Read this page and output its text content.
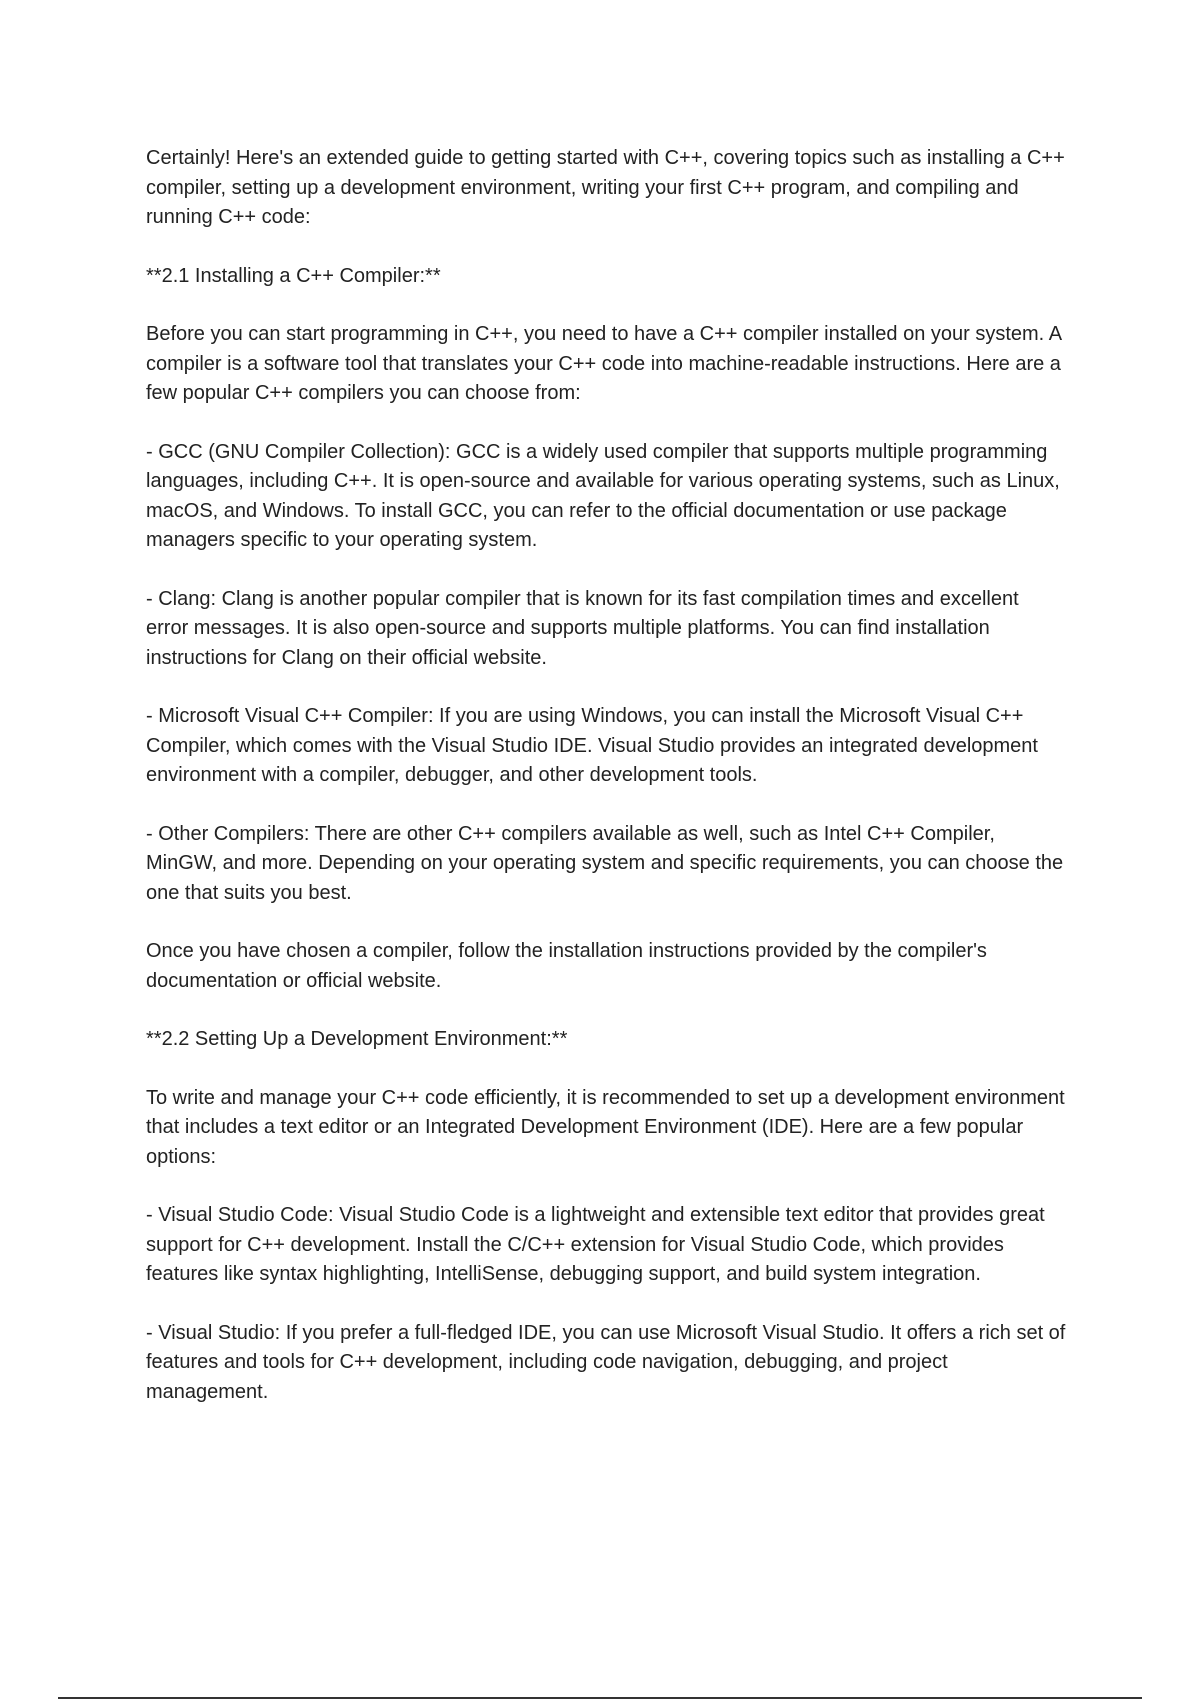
Certainly! Here's an extended guide to getting started with C++, covering topics such as installing a C++ compiler, setting up a development environment, writing your first C++ program, and compiling and running C++ code:

**2.1 Installing a C++ Compiler:**

Before you can start programming in C++, you need to have a C++ compiler installed on your system. A compiler is a software tool that translates your C++ code into machine-readable instructions. Here are a few popular C++ compilers you can choose from:

- GCC (GNU Compiler Collection): GCC is a widely used compiler that supports multiple programming languages, including C++. It is open-source and available for various operating systems, such as Linux, macOS, and Windows. To install GCC, you can refer to the official documentation or use package managers specific to your operating system.

- Clang: Clang is another popular compiler that is known for its fast compilation times and excellent error messages. It is also open-source and supports multiple platforms. You can find installation instructions for Clang on their official website.

- Microsoft Visual C++ Compiler: If you are using Windows, you can install the Microsoft Visual C++ Compiler, which comes with the Visual Studio IDE. Visual Studio provides an integrated development environment with a compiler, debugger, and other development tools.

- Other Compilers: There are other C++ compilers available as well, such as Intel C++ Compiler, MinGW, and more. Depending on your operating system and specific requirements, you can choose the one that suits you best.

Once you have chosen a compiler, follow the installation instructions provided by the compiler's documentation or official website.

**2.2 Setting Up a Development Environment:**

To write and manage your C++ code efficiently, it is recommended to set up a development environment that includes a text editor or an Integrated Development Environment (IDE). Here are a few popular options:

- Visual Studio Code: Visual Studio Code is a lightweight and extensible text editor that provides great support for C++ development. Install the C/C++ extension for Visual Studio Code, which provides features like syntax highlighting, IntelliSense, debugging support, and build system integration.

- Visual Studio: If you prefer a full-fledged IDE, you can use Microsoft Visual Studio. It offers a rich set of features and tools for C++ development, including code navigation, debugging, and project management.
